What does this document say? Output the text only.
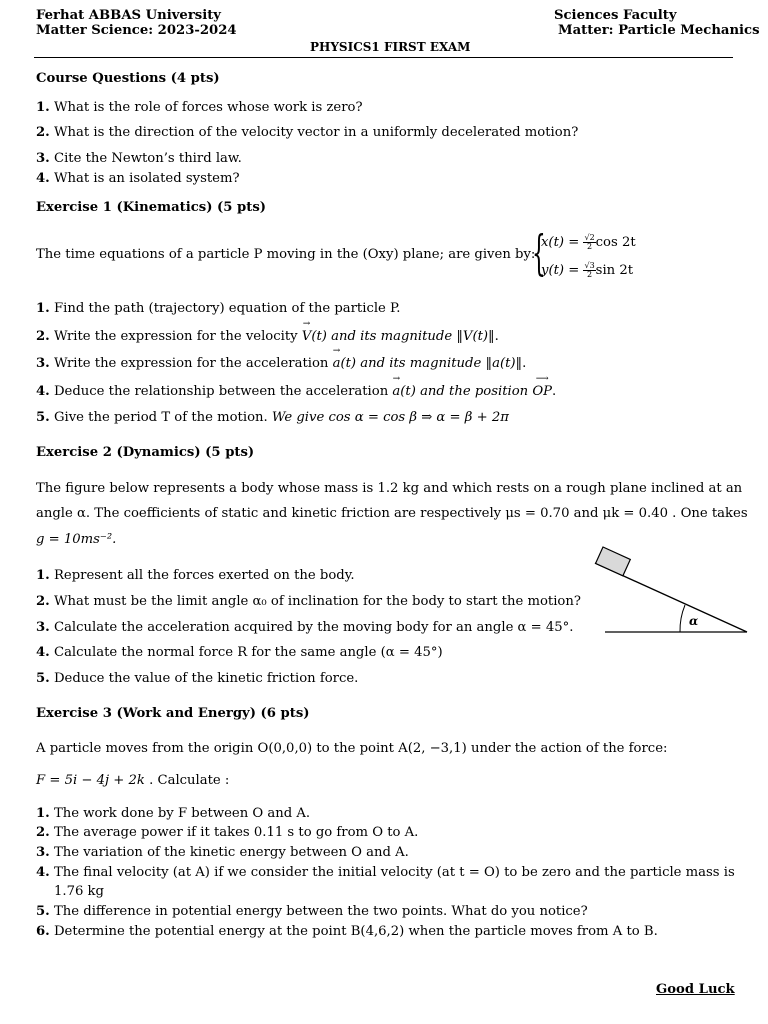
Ferhat ABBAS University
Matter Science: 2023-2024
Sciences Faculty
Matter: Particle Mechanics
PHYSICS1 FIRST EXAM
Course Questions (4 pts)
1. What is the role of forces whose work is zero?
2. What is the direction of the velocity vector in a uniformly decelerated motion?
3. Cite the Newton’s third law.
4. What is an isolated system?
Exercise 1 (Kinematics) (5 pts)
The time equations of a particle P moving in the (Oxy) plane; are given by:
{
$x(t) = \frac{√2}{2}$ cos 2t
$y(t) = \frac{√3}{2}$ sin 2t
1. Find the path (trajectory) equation of the particle P.
2. Write the expression for the velocity
→
V(t) and its magnitude ‖V(t)‖.
3. Write the expression for the acceleration
→
a(t) and its magnitude ‖a(t)‖.
4. Deduce the relationship between the acceleration
→
a(t) and the position
⟶
OP.
5. Give the period T of the motion. We give cos α = cos β ⇒ α = β + 2π
Exercise 2 (Dynamics) (5 pts)
The figure below represents a body whose mass is 1.2 kg and which rests on a rough plane inclined at an
angle α. The coefficients of static and kinetic friction are respectively μs = 0.70 and μk = 0.40 . One takes
g = 10ms⁻².
α
1. Represent all the forces exerted on the body.
2. What must be the limit angle α₀ of inclination for the body to start the motion?
3. Calculate the acceleration acquired by the moving body for an angle α = 45°.
4. Calculate the normal force R for the same angle (α = 45°)
5. Deduce the value of the kinetic friction force.
Exercise 3 (Work and Energy) (6 pts)
A particle moves from the origin O(0,0,0) to the point A(2, −3,1) under the action of the force:
F = 5i − 4j + 2k . Calculate :
1. The work done by F between O and A.
2. The average power if it takes 0.11 s to go from O to A.
3. The variation of the kinetic energy between O and A.
4. The final velocity (at A) if we consider the initial velocity (at t = O) to be zero and the particle mass is
1.76 kg
5. The difference in potential energy between the two points. What do you notice?
6. Determine the potential energy at the point B(4,6,2) when the particle moves from A to B.
Good Luck
